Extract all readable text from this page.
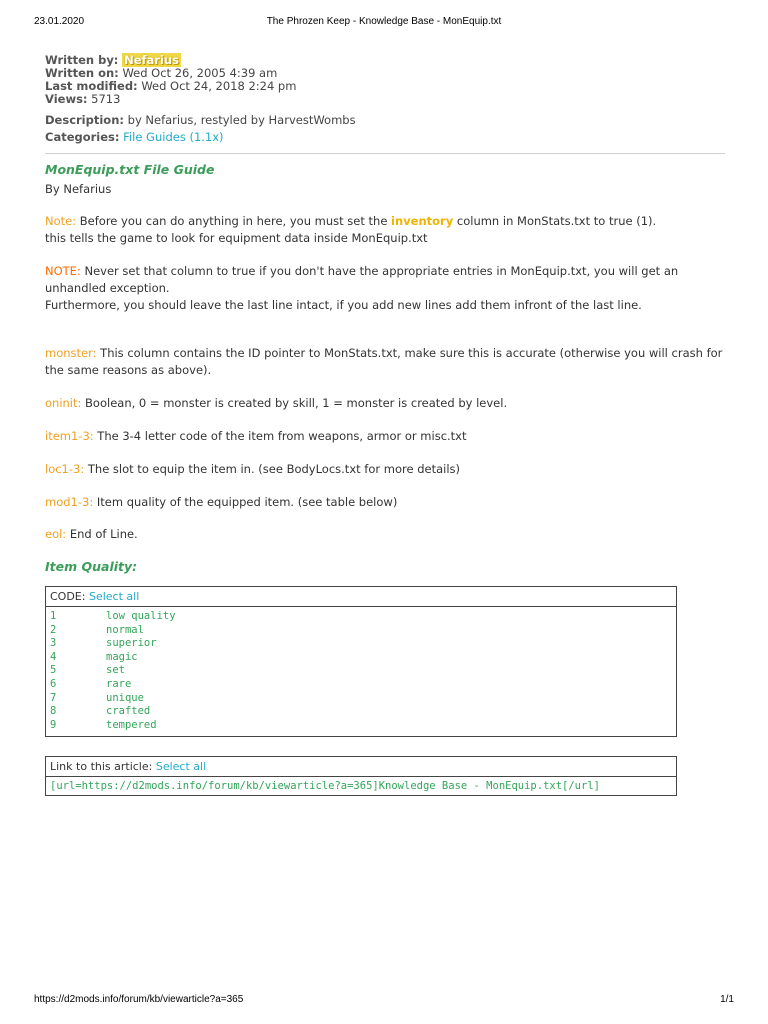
23.01.2020	The Phrozen Keep - Knowledge Base - MonEquip.txt
Written by: Nefarius
Written on: Wed Oct 26, 2005 4:39 am
Last modified: Wed Oct 24, 2018 2:24 pm
Views: 5713
Description: by Nefarius, restyled by HarvestWombs
Categories: File Guides (1.1x)
MonEquip.txt File Guide

By Nefarius

Note: Before you can do anything in here, you must set the inventory column in MonStats.txt to true (1).

this tells the game to look for equipment data inside MonEquip.txt

NOTE: Never set that column to true if you don't have the appropriate entries in MonEquip.txt, you will get an unhandled exception.

Furthermore, you should leave the last line intact, if you add new lines add them infront of the last line.

monster: This column contains the ID pointer to MonStats.txt, make sure this is accurate (otherwise you will crash for the same reasons as above).

oninit: Boolean, 0 = monster is created by skill, 1 = monster is created by level.

item1-3: The 3-4 letter code of the item from weapons, armor or misc.txt

loc1-3: The slot to equip the item in. (see BodyLocs.txt for more details)

mod1-3: Item quality of the equipped item. (see table below)

eol: End of Line.

Item Quality:
CODE: Select all
1	low quality
2	normal
3	superior
4	magic
5	set
6	rare
7	unique
8	crafted
9	tempered
Link to this article: Select all
[url=https://d2mods.info/forum/kb/viewarticle?a=365]Knowledge Base - MonEquip.txt[/url]
https://d2mods.info/forum/kb/viewarticle?a=365	1/1
